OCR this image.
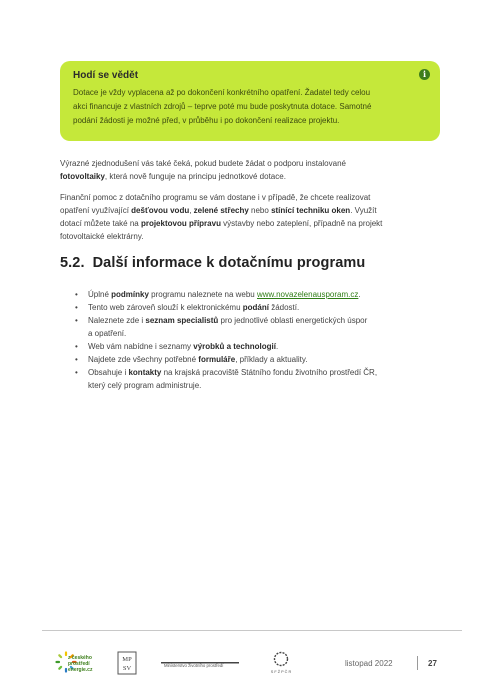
Hodí se vědět

Dotace je vždy vyplacena až po dokončení konkrétního opatření. Žadatel tedy celou

akci financuje z vlastních zdrojů – teprve poté mu bude poskytnuta dotace. Samotné

podání žádosti je možné před, v průběhu i po dokončení realizace projektu.

i

Výrazné zjednodušení vás také čeká, pokud budete žádat o podporu instalované

fotovoltaiky, která nově funguje na principu jednotkové dotace.

Finanční pomoc z dotačního programu se vám dostane i v případě, že chcete realizovat

opatření využívající dešťovou vodu, zelené střechy nebo stínící techniku oken. Využít

dotací můžete také na projektovou přípravu výstavby nebo zateplení, případně na projekt

fotovoltaické elektrárny.

5.2. Další informace k dotačnímu programu
• Úplné podmínky programu naleznete na webu www.novazelenausporam.cz.
• Tento web zároveň slouží k elektronickému podání žádostí.
• Naleznete zde i seznam specialistů pro jednotlivé oblasti energetických úspor
a opatření.
• Web vám nabídne i seznamy výrobků a technologií.
• Najdete zde všechny potřebné formuláře, příklady a aktuality.
• Obsahuje i kontakty na krajská pracoviště Státního fondu životního prostředí ČR,
který celý program administruje.
z českého
prostředí
energie.cz
MP
SV	Ministerstvo životního prostředí
S F Ž P Č R
listopad 2022	27
